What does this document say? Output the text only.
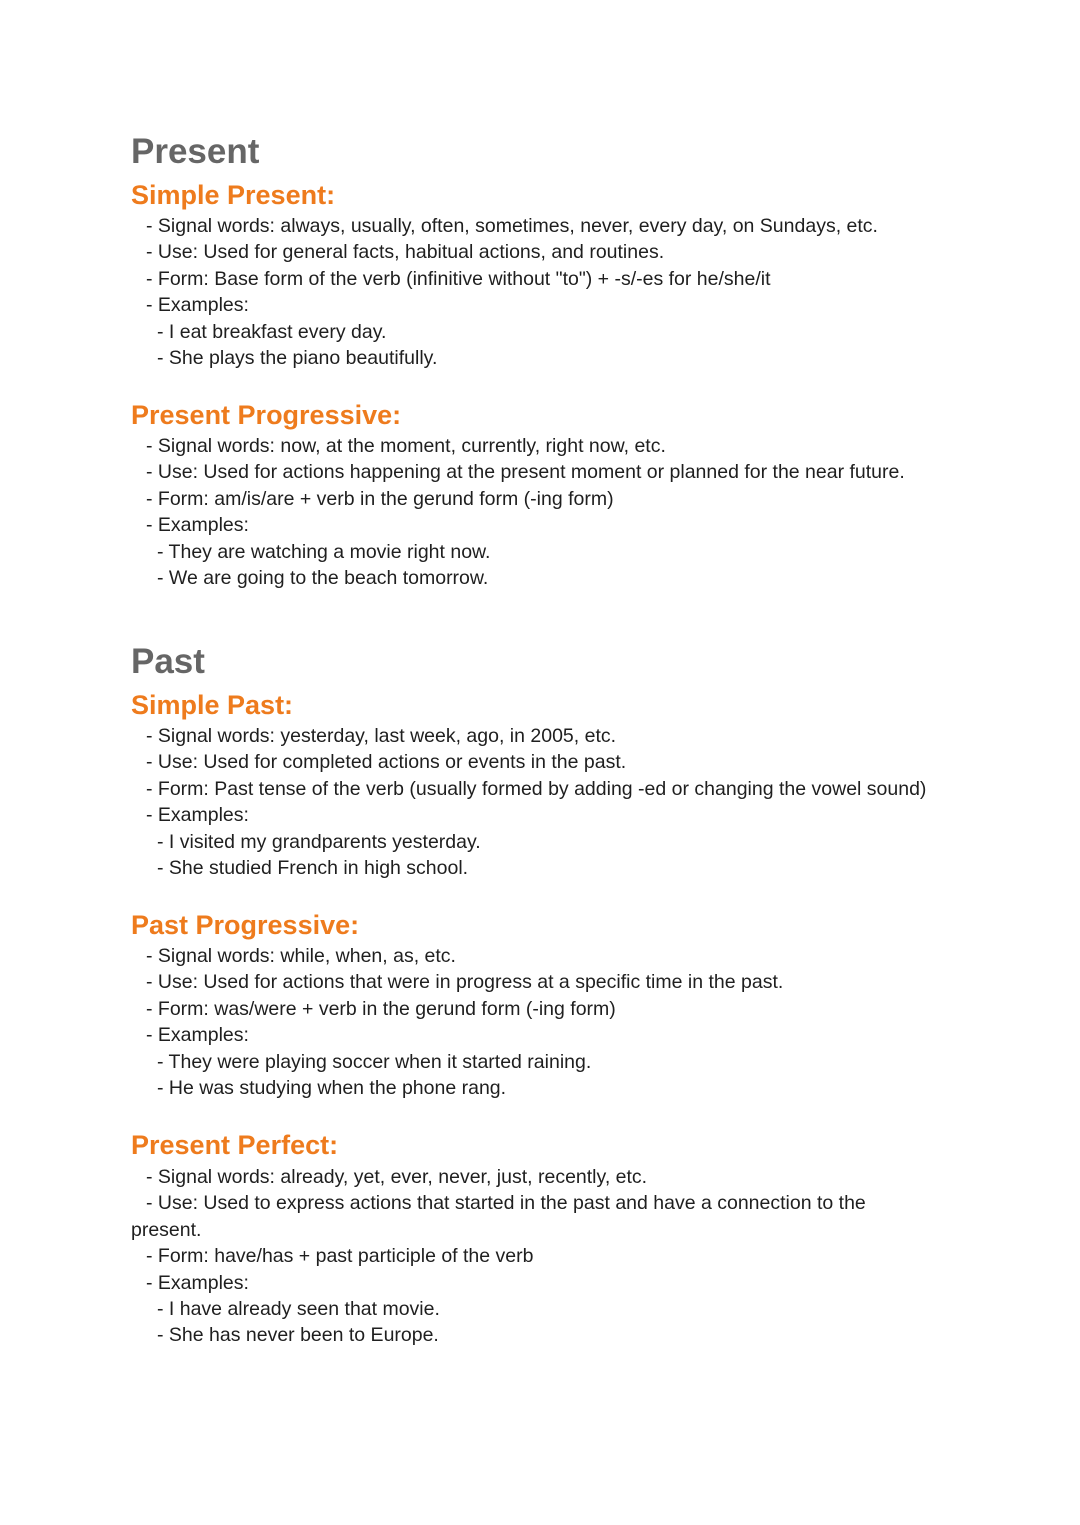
Present
Simple Present:
- Signal words: always, usually, often, sometimes, never, every day, on Sundays, etc.
- Use: Used for general facts, habitual actions, and routines.
- Form: Base form of the verb (infinitive without "to") + -s/-es for he/she/it
- Examples:
- I eat breakfast every day.
- She plays the piano beautifully.
Present Progressive:
- Signal words: now, at the moment, currently, right now, etc.
- Use: Used for actions happening at the present moment or planned for the near future.
- Form: am/is/are + verb in the gerund form (-ing form)
- Examples:
- They are watching a movie right now.
- We are going to the beach tomorrow.
Past
Simple Past:
- Signal words: yesterday, last week, ago, in 2005, etc.
- Use: Used for completed actions or events in the past.
- Form: Past tense of the verb (usually formed by adding -ed or changing the vowel sound)
- Examples:
- I visited my grandparents yesterday.
- She studied French in high school.
Past Progressive:
- Signal words: while, when, as, etc.
- Use: Used for actions that were in progress at a specific time in the past.
- Form: was/were + verb in the gerund form (-ing form)
- Examples:
- They were playing soccer when it started raining.
- He was studying when the phone rang.
Present Perfect:
- Signal words: already, yet, ever, never, just, recently, etc.
- Use: Used to express actions that started in the past and have a connection to the
present.
- Form: have/has + past participle of the verb
- Examples:
- I have already seen that movie.
- She has never been to Europe.
